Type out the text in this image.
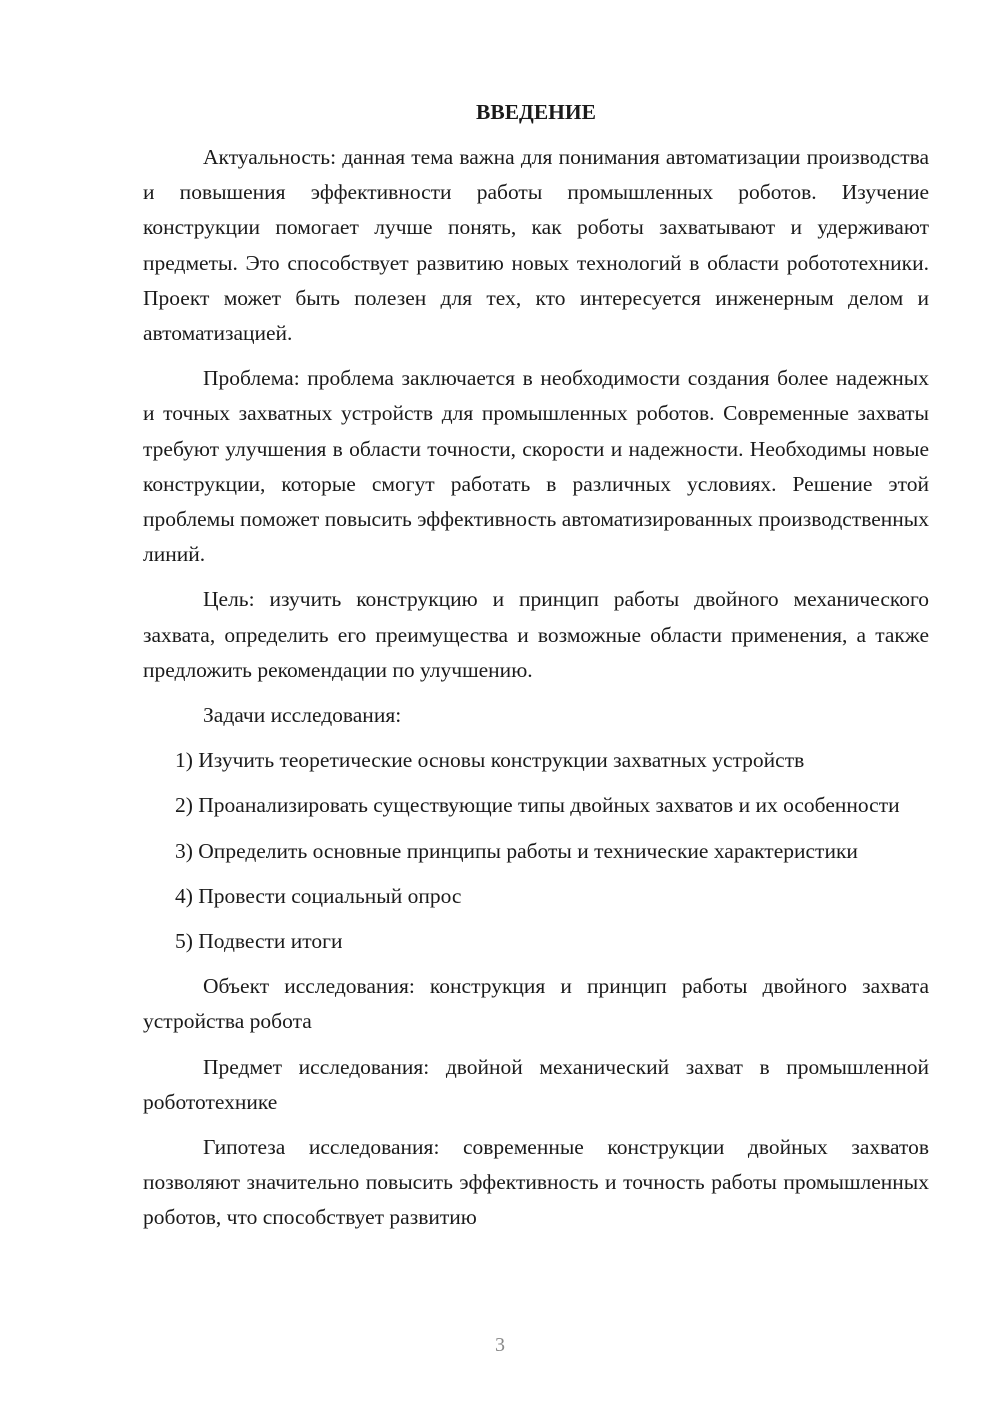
ВВЕДЕНИЕ

Актуальность: данная тема важна для понимания автоматизации производства и повышения эффективности работы промышленных роботов. Изучение конструкции помогает лучше понять, как роботы захватывают и удерживают предметы. Это способствует развитию новых технологий в области робототехники. Проект может быть полезен для тех, кто интересуется инженерным делом и автоматизацией.

Проблема: проблема заключается в необходимости создания более надежных и точных захватных устройств для промышленных роботов. Современные захваты требуют улучшения в области точности, скорости и надежности. Необходимы новые конструкции, которые смогут работать в различных условиях. Решение этой проблемы поможет повысить эффективность автоматизированных производственных линий.

Цель: изучить конструкцию и принцип работы двойного механического захвата, определить его преимущества и возможные области применения, а также предложить рекомендации по улучшению.

Задачи исследования:

1) Изучить теоретические основы конструкции захватных устройств

2) Проанализировать существующие типы двойных захватов и их особенности

3) Определить основные принципы работы и технические характеристики

4) Провести социальный опрос

5) Подвести итоги

Объект исследования: конструкция и принцип работы двойного захвата устройства робота

Предмет исследования: двойной механический захват в промышленной робототехнике

Гипотеза исследования: современные конструкции двойных захватов позволяют значительно повысить эффективность и точность работы промышленных роботов, что способствует развитию

3
